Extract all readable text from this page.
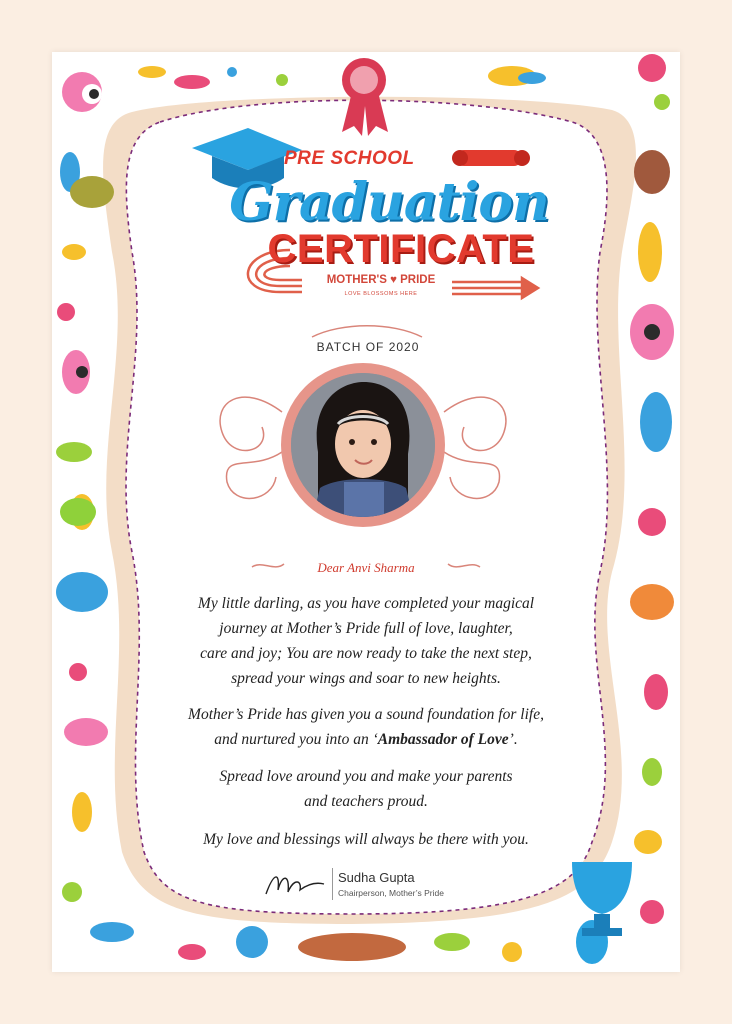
PRE SCHOOL
Graduation
CERTIFICATE
MOTHER'S ♥ PRIDE
LOVE BLOSSOMS HERE
BATCH OF 2020
Dear Anvi Sharma
My little darling, as you have completed your magical
journey at Mother’s Pride full of love, laughter,
care and joy; You are now ready to take the next step,
spread your wings and soar to new heights.
Mother’s Pride has given you a sound foundation for life,
and nurtured you into an ‘Ambassador of Love’.
Spread love around you and make your parents
and teachers proud.
My love and blessings will always be there with you.
Sudha Gupta
Chairperson, Mother’s Pride
